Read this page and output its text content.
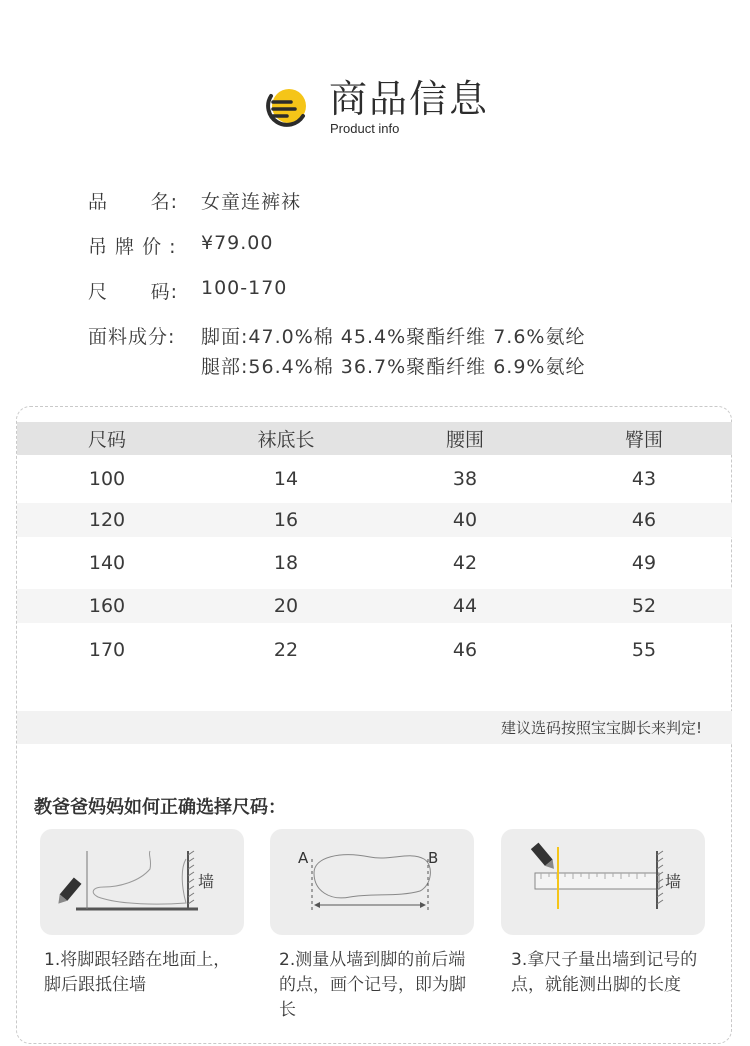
商品信息
Product info
品 名: 女童连裤袜
吊 牌 价 :	¥79.00
尺 码: 100-170
面料成分:	脚面:47.0%棉 45.4%聚酯纤维 7.6%氨纶
腿部:56.4%棉 36.7%聚酯纤维 6.9%氨纶
尺码	袜底长	腰围	臀围
100	14	38	43
120	16	40	46
140	18	42	49
160	20	44	52
170	22	46	55
建议选码按照宝宝脚长来判定!
教爸爸妈妈如何正确选择尺码：
墙
A	B
墙
1.将脚跟轻踏在地面上，脚后跟抵住墙
2.测量从墙到脚的前后端的点，画个记号，即为脚长
3.拿尺子量出墙到记号的点，就能测出脚的长度
